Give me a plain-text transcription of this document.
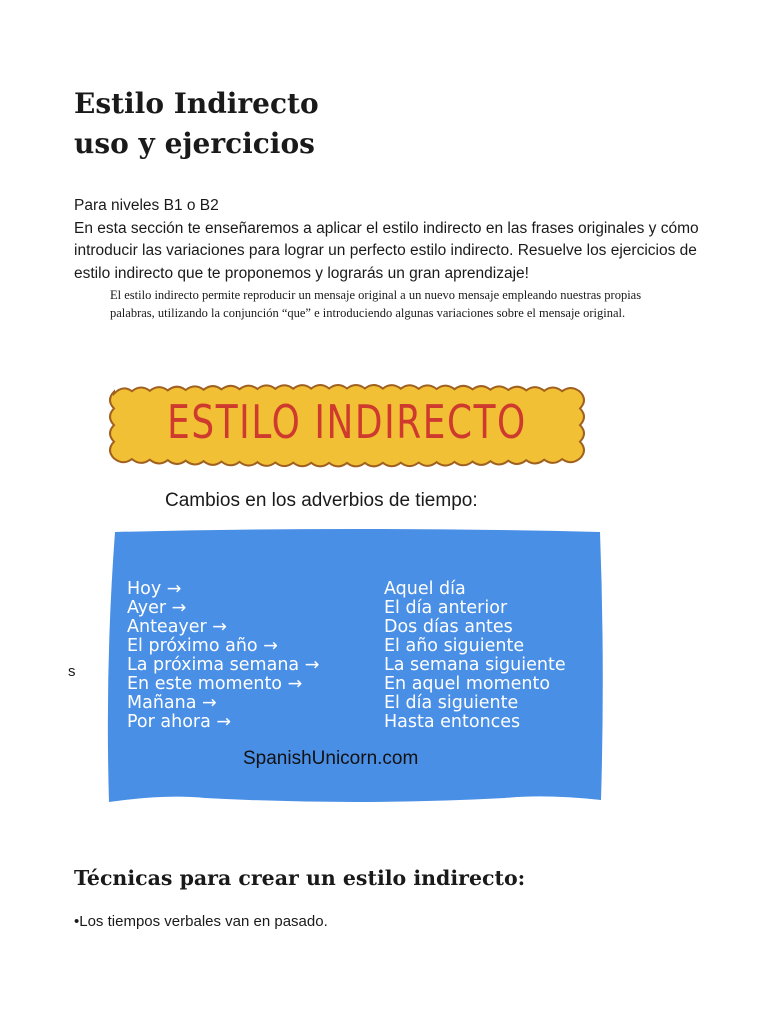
Estilo Indirecto
uso y ejercicios

Para niveles B1 o B2

En esta sección te enseñaremos a aplicar el estilo indirecto en las frases originales y cómo introducir las variaciones para lograr un perfecto estilo indirecto. Resuelve los ejercicios de estilo indirecto que te proponemos y lograrás un gran aprendizaje!

El estilo indirecto permite reproducir un mensaje original a un nuevo mensaje empleando nuestras propias palabras, utilizando la conjunción “que” e introduciendo algunas variaciones sobre el mensaje original.
ESTILO INDIRECTO
Cambios en los adverbios de tiempo:
s
Hoy →
Ayer →
Anteayer →
El próximo año →
La próxima semana →
En este momento →
Mañana →
Por ahora →
Aquel día
El día anterior
Dos días antes
El año siguiente
La semana siguiente
En aquel momento
El día siguiente
Hasta entonces
SpanishUnicorn.com
Técnicas para crear un estilo indirecto:
•Los tiempos verbales van en pasado.
